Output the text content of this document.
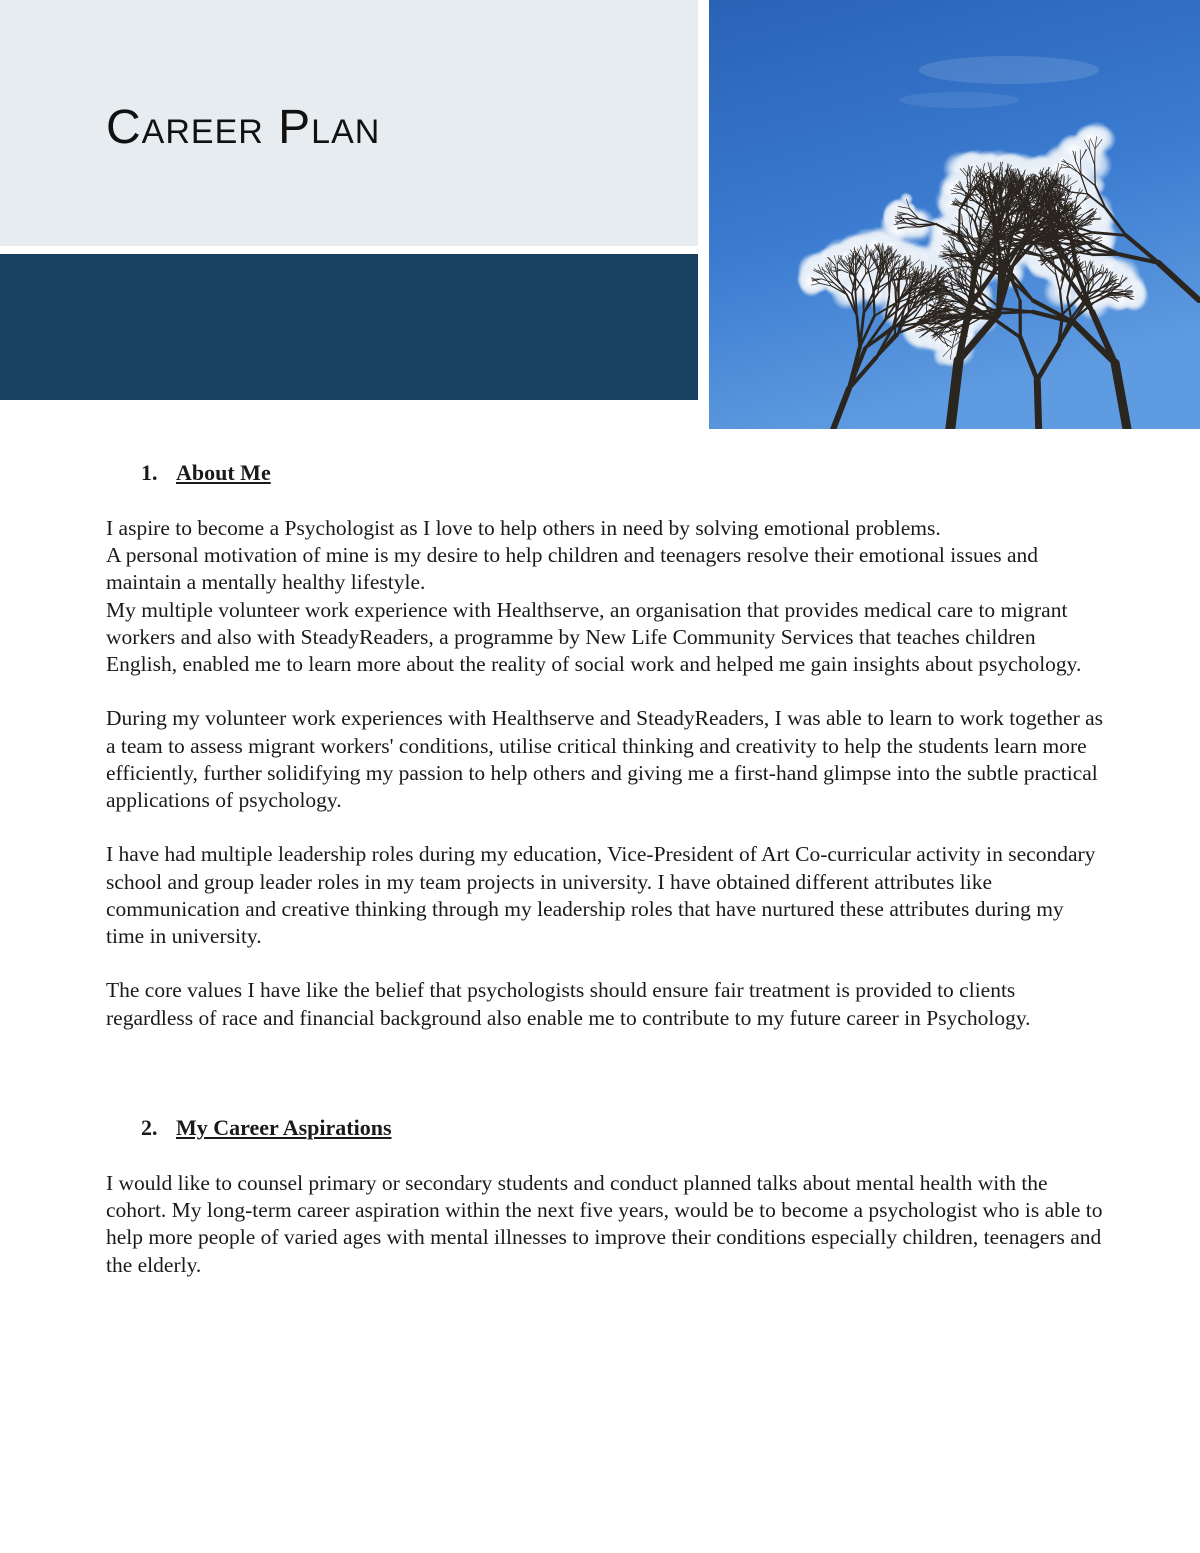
Career Plan
1. About Me
I aspire to become a Psychologist as I love to help others in need by solving emotional problems.
A personal motivation of mine is my desire to help children and teenagers resolve their emotional issues and maintain a mentally healthy lifestyle.
My multiple volunteer work experience with Healthserve, an organisation that provides medical care to migrant workers and also with SteadyReaders, a programme by New Life Community Services that teaches children English, enabled me to learn more about the reality of social work and helped me gain insights about psychology.
During my volunteer work experiences with Healthserve and SteadyReaders, I was able to learn to work together as a team to assess migrant workers' conditions, utilise critical thinking and creativity to help the students learn more efficiently, further solidifying my passion to help others and giving me a first-hand glimpse into the subtle practical applications of psychology.
I have had multiple leadership roles during my education, Vice-President of Art Co-curricular activity in secondary school and group leader roles in my team projects in university. I have obtained different attributes like communication and creative thinking through my leadership roles that have nurtured these attributes during my time in university.
The core values I have like the belief that psychologists should ensure fair treatment is provided to clients regardless of race and financial background also enable me to contribute to my future career in Psychology.
2. My Career Aspirations
I would like to counsel primary or secondary students and conduct planned talks about mental health with the cohort. My long-term career aspiration within the next five years, would be to become a psychologist who is able to help more people of varied ages with mental illnesses to improve their conditions especially children, teenagers and the elderly.
